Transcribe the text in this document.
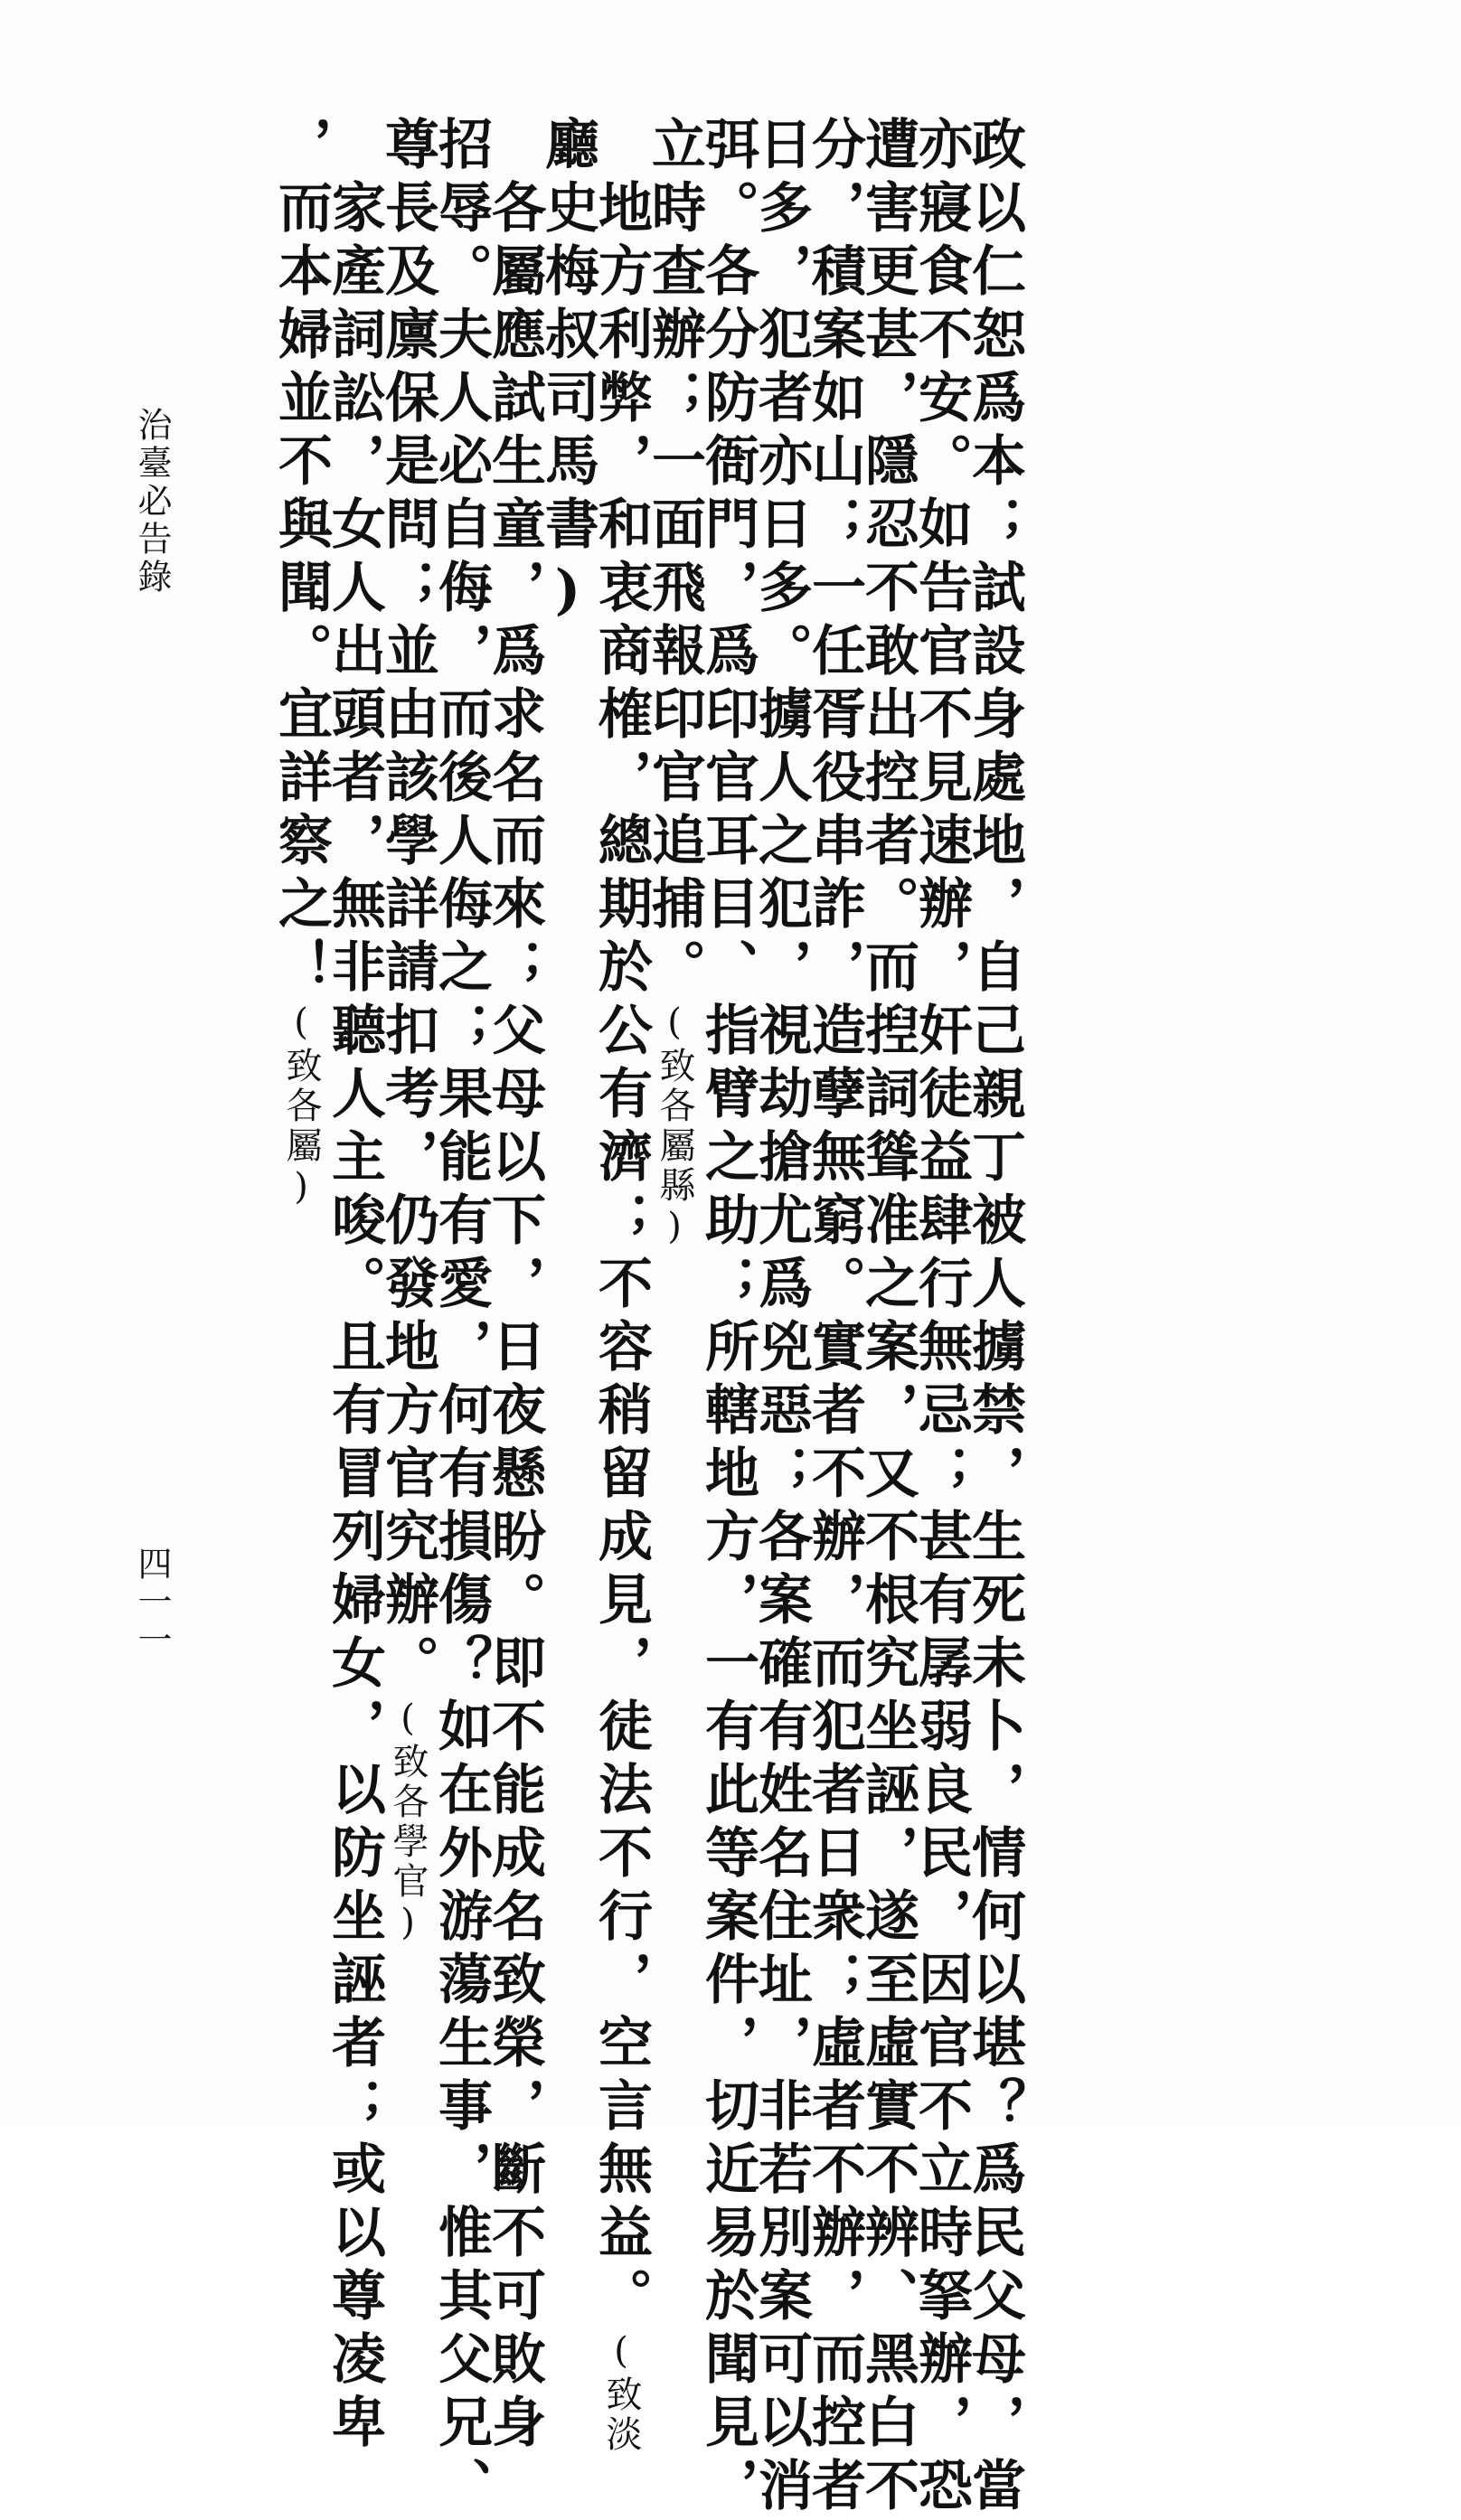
政以仁恕爲本；試設身處地，自己親丁被人擄禁，生死未卜，情何以堪？爲民父母，當
亦寢食不安。如告官不見速辦，奸徒益肆行無忌；甚有孱弱良民，因官不立時拏辦，恐
遭害更甚，隱忍不敢出控者。而揑詞聳准之案，又不根究坐誣，遂至虛實不辨、黑白不
分，積案如山；一任胥役串詐，造孽無窮。實者不辦，而犯者日衆；虛者不辦，而控者
日多，犯者亦日多。擄人之犯，視劫搶尤爲兇惡；各案確有姓名住址，非若別案可以消
弭。各分防衙門，爲印官耳目、指臂之助；所轄地方，一有此等案件，切近易於聞見，
立時查辦；一面飛報印官追捕。(致各屬縣)
　地方利弊，和衷商榷，總期於公有濟；不容稍留成見，徒法不行，空言無益。(致淡
廳史梅叔司馬書)
　各屬應試生童，爲求名而來；父母以下，日夜懸盼。即不能成名致榮，斷不可敗身
招辱。夫人必自侮，而後人侮之；果能有愛，何有損傷？如在外游蕩生事，惟其父兄、
尊長及廪保是問；並由該學詳請扣考，仍發地方官究辦。(致各學官)
　家產詞訟，女人出頭者，無非聽人主唆。且有冒列婦女，以防坐誣者；或以尊凌卑
，而本婦並不與聞。宜詳察之！(致各屬)
治臺必告錄
四一一
